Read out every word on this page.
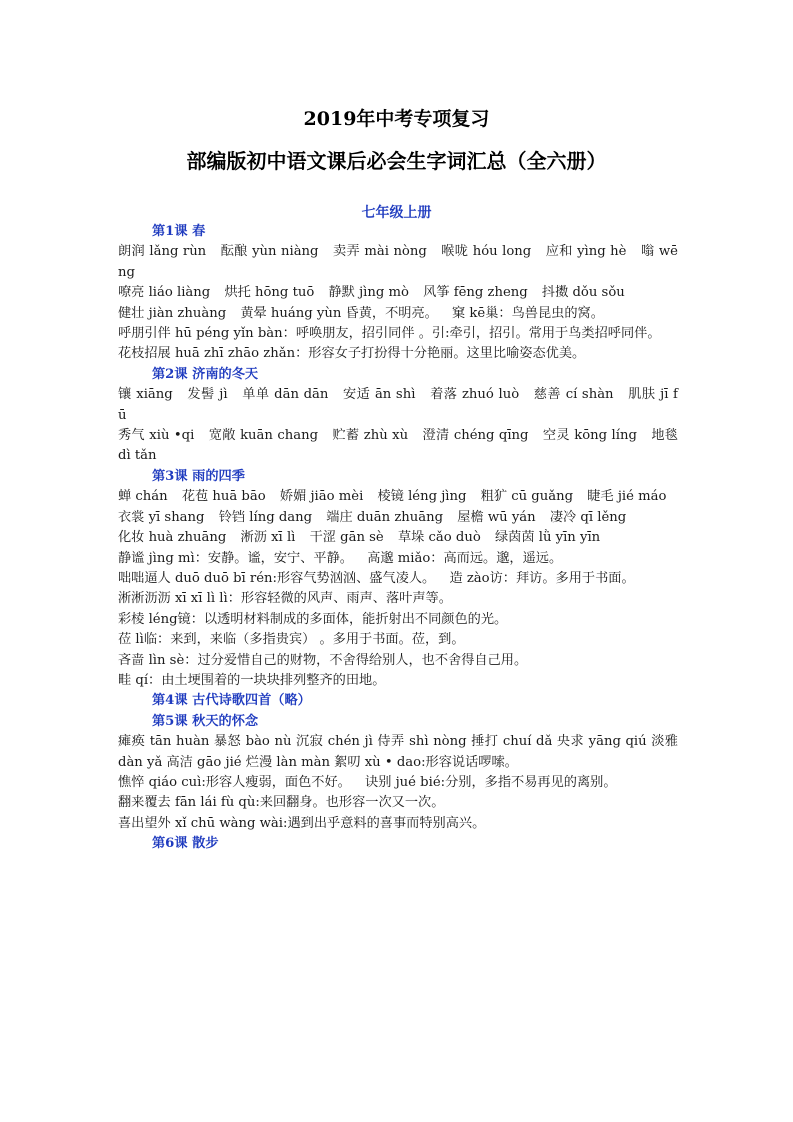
2019年中考专项复习
部编版初中语文课后必会生字词汇总（全六册）
七年级上册
第1课 春
朗润 lǎng rùn 酝酿 yùn niàng 卖弄 mài nòng 喉咙 hóu long 应和 yìng hè 嗡 wēng
嘹亮 liáo liàng 烘托 hōng tuō 静默 jìng mò 风筝 fēng zheng 抖擞 dǒu sǒu
健壮 jiàn zhuàng 黄晕 huáng yùn 昏黄，不明亮。 窠 kē巢：鸟兽昆虫的窝。
呼朋引伴 hū péng yǐn bàn：呼唤朋友，招引同伴 。引:牵引，招引。常用于鸟类招呼同伴。
花枝招展 huā zhī zhāo zhǎn：形容女子打扮得十分艳丽。这里比喻姿态优美。
第2课 济南的冬天
镶 xiāng 发髻 jì 单单 dān dān 安适 ān shì 着落 zhuó luò 慈善 cí shàn 肌肤 jī fū
秀气 xiù •qi 宽敞 kuān chang 贮蓄 zhù xù 澄清 chéng qīng 空灵 kōng líng 地毯 dì tǎn
第3课 雨的四季
蝉 chán 花苞 huā bāo 娇媚 jiāo mèi 棱镜 léng jìng 粗犷 cū guǎng 睫毛 jié máo
衣裳 yī shang 铃铛 líng dang 端庄 duān zhuāng 屋檐 wū yán 凄冷 qī lěng
化妆 huà zhuāng 淅沥 xī lì 干涩 gān sè 草垛 cǎo duò 绿茵茵 lǜ yīn yīn
静谧 jìng mì：安静。谧，安宁、平静。 高邈 miǎo：高而远。邈，遥远。
咄咄逼人 duō duō bī rén:形容气势汹汹、盛气凌人。 造 zào访：拜访。多用于书面。
淅淅沥沥 xī xī lì lì：形容轻微的风声、雨声、落叶声等。
彩棱 léng镜：以透明材料制成的多面体，能折射出不同颜色的光。
莅 lì临：来到，来临（多指贵宾） 。多用于书面。莅，到。
吝啬 lìn sè：过分爱惜自己的财物，不舍得给别人，也不舍得自己用。
畦 qí：由土埂围着的一块块排列整齐的田地。
第4课 古代诗歌四首（略）
第5课 秋天的怀念
瘫痪 tān huàn 暴怒 bào nù 沉寂 chén jì 侍弄 shì nòng 捶打 chuí dǎ 央求 yāng qiú 淡雅 dàn yǎ 高洁 gāo jié 烂漫 làn màn 絮叨 xù • dao:形容说话啰嗦。
憔悴 qiáo cuì:形容人瘦弱，面色不好。 诀别 jué bié:分别，多指不易再见的离别。
翻来覆去 fān lái fù qù:来回翻身。也形容一次又一次。
喜出望外 xǐ chū wàng wài:遇到出乎意料的喜事而特别高兴。
第6课 散步
